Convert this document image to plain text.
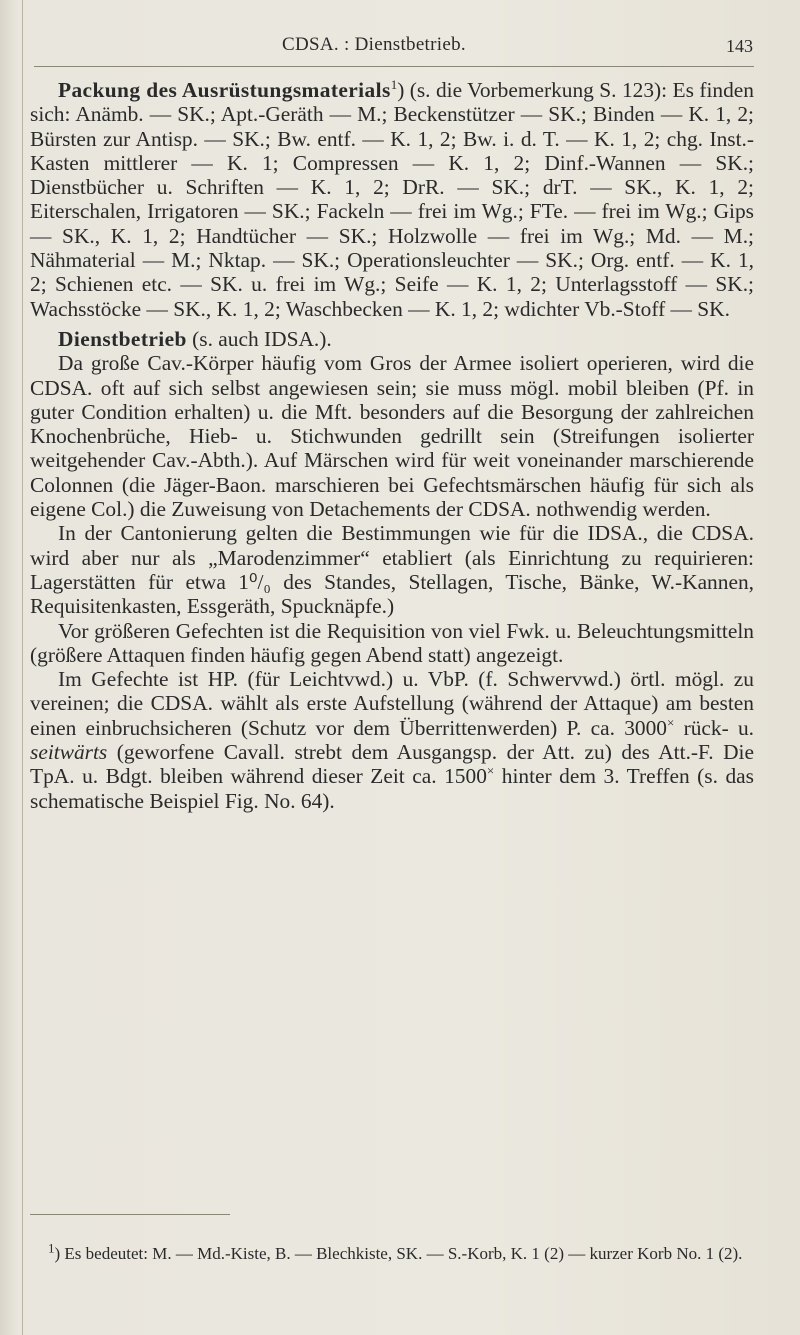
CDSA. : Dienstbetrieb.	143

Packung des Ausrüstungsmaterials$^1$) (s. die Vorbemerkung S. 123): Es finden sich: Anämb. — SK.; Apt.-Geräth — M.; Beckenstützer — SK.; Binden — K. 1, 2; Bürsten zur Antisp. — SK.; Bw. entf. — K. 1, 2; Bw. i. d. T. — K. 1, 2; chg. Inst.-Kasten mittlerer — K. 1; Compressen — K. 1, 2; Dinf.-Wannen — SK.; Dienstbücher u. Schriften — K. 1, 2; DrR. — SK.; drT. — SK., K. 1, 2; Eiterschalen, Irrigatoren — SK.; Fackeln — frei im Wg.; FTe. — frei im Wg.; Gips — SK., K. 1, 2; Handtücher — SK.; Holzwolle — frei im Wg.; Md. — M.; Nähmaterial — M.; Nktap. — SK.; Operationsleuchter — SK.; Org. entf. — K. 1, 2; Schienen etc. — SK. u. frei im Wg.; Seife — K. 1, 2; Unterlagsstoff — SK.; Wachsstöcke — SK., K. 1, 2; Waschbecken — K. 1, 2; wdichter Vb.-Stoff — SK.

Dienstbetrieb (s. auch IDSA.).

Da große Cav.-Körper häufig vom Gros der Armee isoliert operieren, wird die CDSA. oft auf sich selbst angewiesen sein; sie muss mögl. mobil bleiben (Pf. in guter Condition erhalten) u. die Mft. besonders auf die Besorgung der zahlreichen Knochenbrüche, Hieb- u. Stichwunden gedrillt sein (Streifungen isolierter weitgehender Cav.-Abth.). Auf Märschen wird für weit voneinander marschierende Colonnen (die Jäger-Baon. marschieren bei Gefechtsmärschen häufig für sich als eigene Col.) die Zuweisung von Detachements der CDSA. nothwendig werden.

In der Cantonierung gelten die Bestimmungen wie für die IDSA., die CDSA. wird aber nur als „Marodenzimmer“ etabliert (als Einrichtung zu requirieren: Lagerstätten für etwa 1⁰/₀ des Standes, Stellagen, Tische, Bänke, W.-Kannen, Requisitenkasten, Essgeräth, Spucknäpfe.)

Vor größeren Gefechten ist die Requisition von viel Fwk. u. Beleuchtungsmitteln (größere Attaquen finden häufig gegen Abend statt) angezeigt.

Im Gefechte ist HP. (für Leichtvwd.) u. VbP. (f. Schwervwd.) örtl. mögl. zu vereinen; die CDSA. wählt als erste Aufstellung (während der Attaque) am besten einen einbruchsicheren (Schutz vor dem Überrittenwerden) P. ca. 3000× rück- u. seitwärts (geworfene Cavall. strebt dem Ausgangsp. der Att. zu) des Att.-F. Die TpA. u. Bdgt. bleiben während dieser Zeit ca. 1500× hinter dem 3. Treffen (s. das schematische Beispiel Fig. No. 64).

$^1$) Es bedeutet: M. — Md.-Kiste, B. — Blechkiste, SK. — S.-Korb, K. 1 (2) — kurzer Korb No. 1 (2).
